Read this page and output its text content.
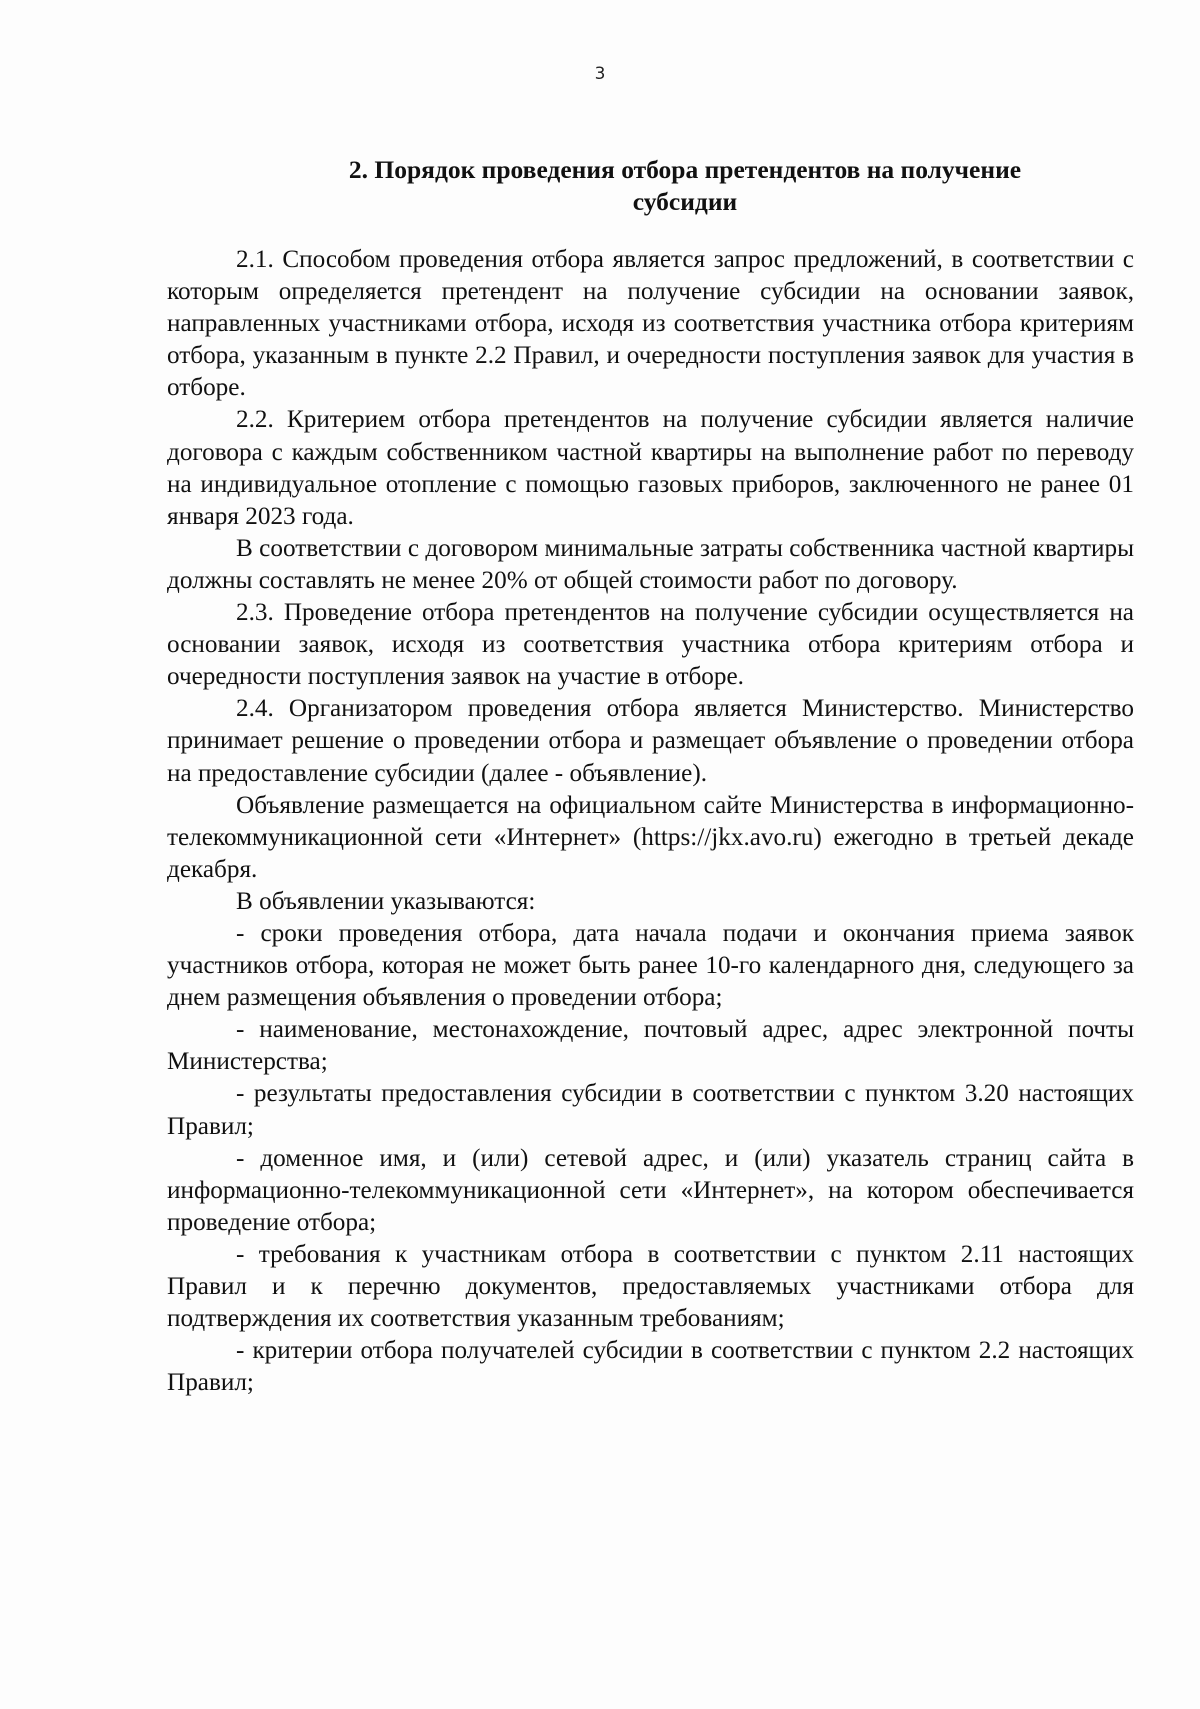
3
2. Порядок проведения отбора претендентов на получение субсидии

2.1. Способом проведения отбора является запрос предложений, в соответствии с которым определяется претендент на получение субсидии на основании заявок, направленных участниками отбора, исходя из соответствия участника отбора критериям отбора, указанным в пункте 2.2 Правил, и очередности поступления заявок для участия в отборе.

2.2. Критерием отбора претендентов на получение субсидии является наличие договора с каждым собственником частной квартиры на выполнение работ по переводу на индивидуальное отопление с помощью газовых приборов, заключенного не ранее 01 января 2023 года.

В соответствии с договором минимальные затраты собственника частной квартиры должны составлять не менее 20% от общей стоимости работ по договору.

2.3. Проведение отбора претендентов на получение субсидии осуществляется на основании заявок, исходя из соответствия участника отбора критериям отбора и очередности поступления заявок на участие в отборе.

2.4. Организатором проведения отбора является Министерство. Министерство принимает решение о проведении отбора и размещает объявление о проведении отбора на предоставление субсидии (далее - объявление).

Объявление размещается на официальном сайте Министерства в информационно-телекоммуникационной сети «Интернет» (https://jkx.avo.ru) ежегодно в третьей декаде декабря.

В объявлении указываются:

- сроки проведения отбора, дата начала подачи и окончания приема заявок участников отбора, которая не может быть ранее 10-го календарного дня, следующего за днем размещения объявления о проведении отбора;

- наименование, местонахождение, почтовый адрес, адрес электронной почты Министерства;

- результаты предоставления субсидии в соответствии с пунктом 3.20 настоящих Правил;

- доменное имя, и (или) сетевой адрес, и (или) указатель страниц сайта в информационно-телекоммуникационной сети «Интернет», на котором обеспечивается проведение отбора;

- требования к участникам отбора в соответствии с пунктом 2.11 настоящих Правил и к перечню документов, предоставляемых участниками отбора для подтверждения их соответствия указанным требованиям;

- критерии отбора получателей субсидии в соответствии с пунктом 2.2 настоящих Правил;
